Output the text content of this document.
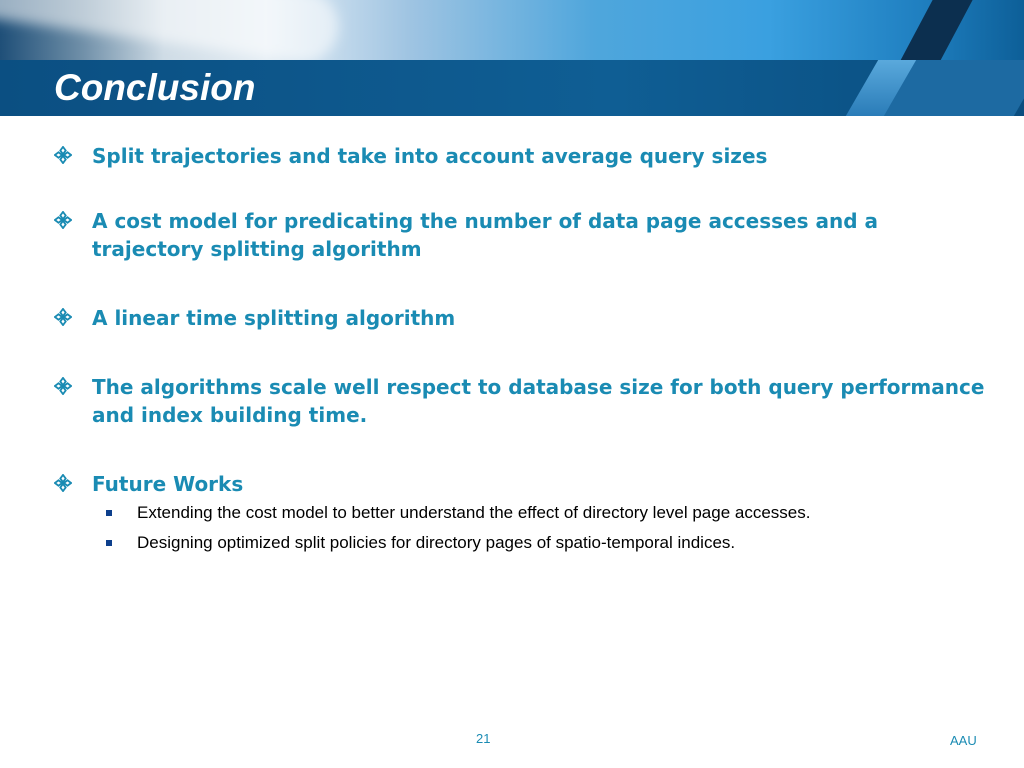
Conclusion
Split trajectories and take into account average query sizes
A cost model for predicating the number of data page accesses and a trajectory splitting algorithm
A linear time splitting algorithm
The algorithms scale well respect to database size for both query performance and index building time.
Future Works
Extending the cost model to better understand the effect of directory level page accesses.
Designing optimized split policies for directory pages of spatio-temporal indices.
21	AAU
